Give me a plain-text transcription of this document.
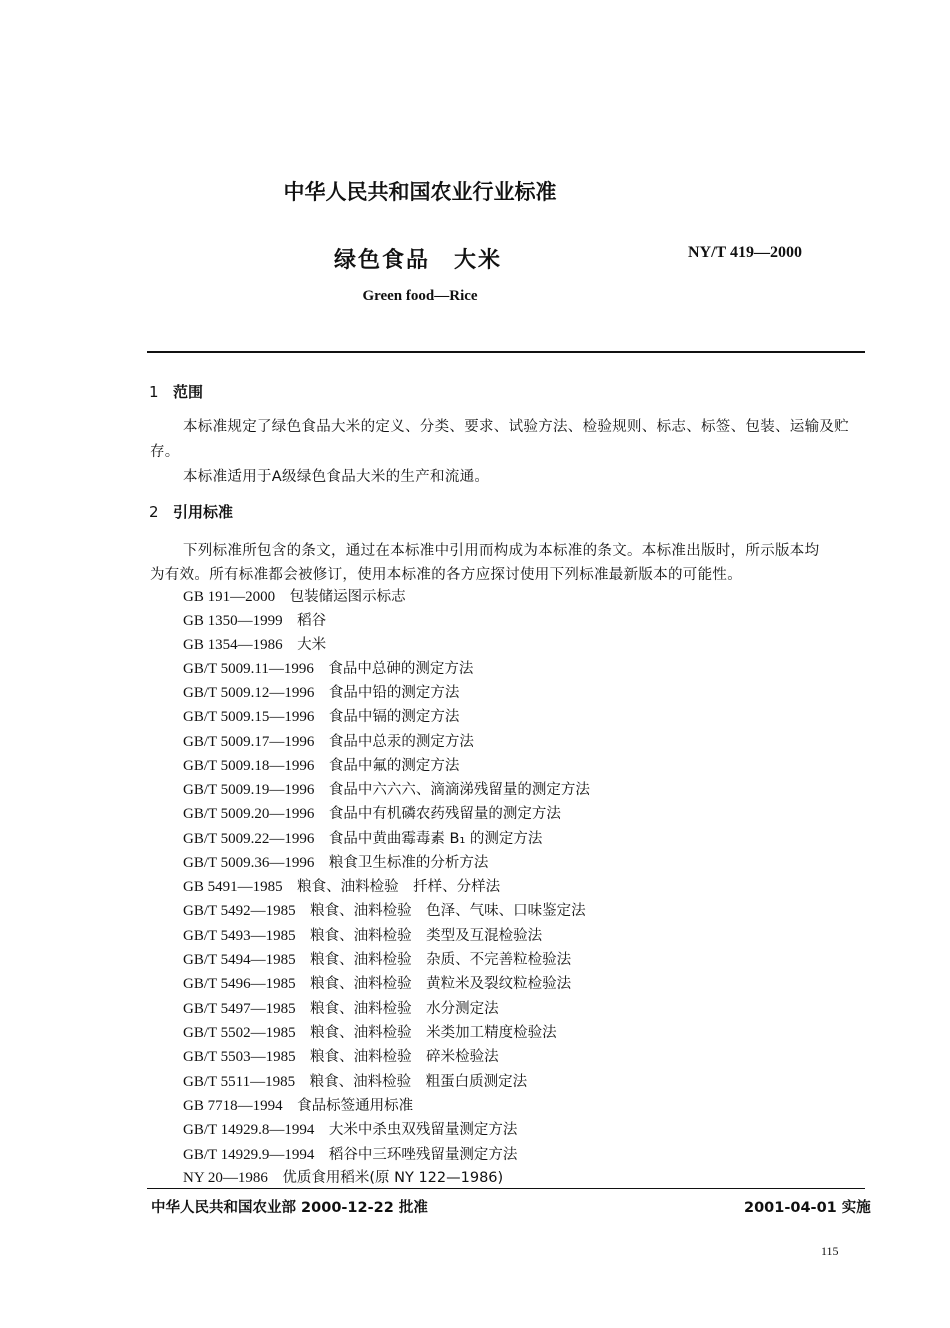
中华人民共和国农业行业标准
绿色食品　大米	NY/T 419—2000
Green food—Rice
1 范围
本标准规定了绿色食品大米的定义、分类、要求、试验方法、检验规则、标志、标签、包装、运输及贮
存。
本标准适用于A级绿色食品大米的生产和流通。
2 引用标准
下列标准所包含的条文，通过在本标准中引用而构成为本标准的条文。本标准出版时，所示版本均
为有效。所有标准都会被修订，使用本标准的各方应探讨使用下列标准最新版本的可能性。
GB 191—2000　 包装储运图示标志
GB 1350—1999　 稻谷
GB 1354—1986　 大米
GB/T 5009.11—1996　 食品中总砷的测定方法
GB/T 5009.12—1996　 食品中铅的测定方法
GB/T 5009.15—1996　 食品中镉的测定方法
GB/T 5009.17—1996　 食品中总汞的测定方法
GB/T 5009.18—1996　 食品中氟的测定方法
GB/T 5009.19—1996　 食品中六六六、滴滴涕残留量的测定方法
GB/T 5009.20—1996　 食品中有机磷农药残留量的测定方法
GB/T 5009.22—1996　 食品中黄曲霉毒素 B₁ 的测定方法
GB/T 5009.36—1996　 粮食卫生标准的分析方法
GB 5491—1985　 粮食、油料检验　扦样、分样法
GB/T 5492—1985　 粮食、油料检验　色泽、气味、口味鉴定法
GB/T 5493—1985　 粮食、油料检验　类型及互混检验法
GB/T 5494—1985　 粮食、油料检验　杂质、不完善粒检验法
GB/T 5496—1985　 粮食、油料检验　黄粒米及裂纹粒检验法
GB/T 5497—1985　 粮食、油料检验　水分测定法
GB/T 5502—1985　 粮食、油料检验　米类加工精度检验法
GB/T 5503—1985　 粮食、油料检验　碎米检验法
GB/T 5511—1985　 粮食、油料检验　粗蛋白质测定法
GB 7718—1994　 食品标签通用标准
GB/T 14929.8—1994　 大米中杀虫双残留量测定方法
GB/T 14929.9—1994　 稻谷中三环唑残留量测定方法
NY 20—1986　 优质食用稻米(原 NY 122—1986)
中华人民共和国农业部 2000-12-22 批准	2001-04-01 实施
115
